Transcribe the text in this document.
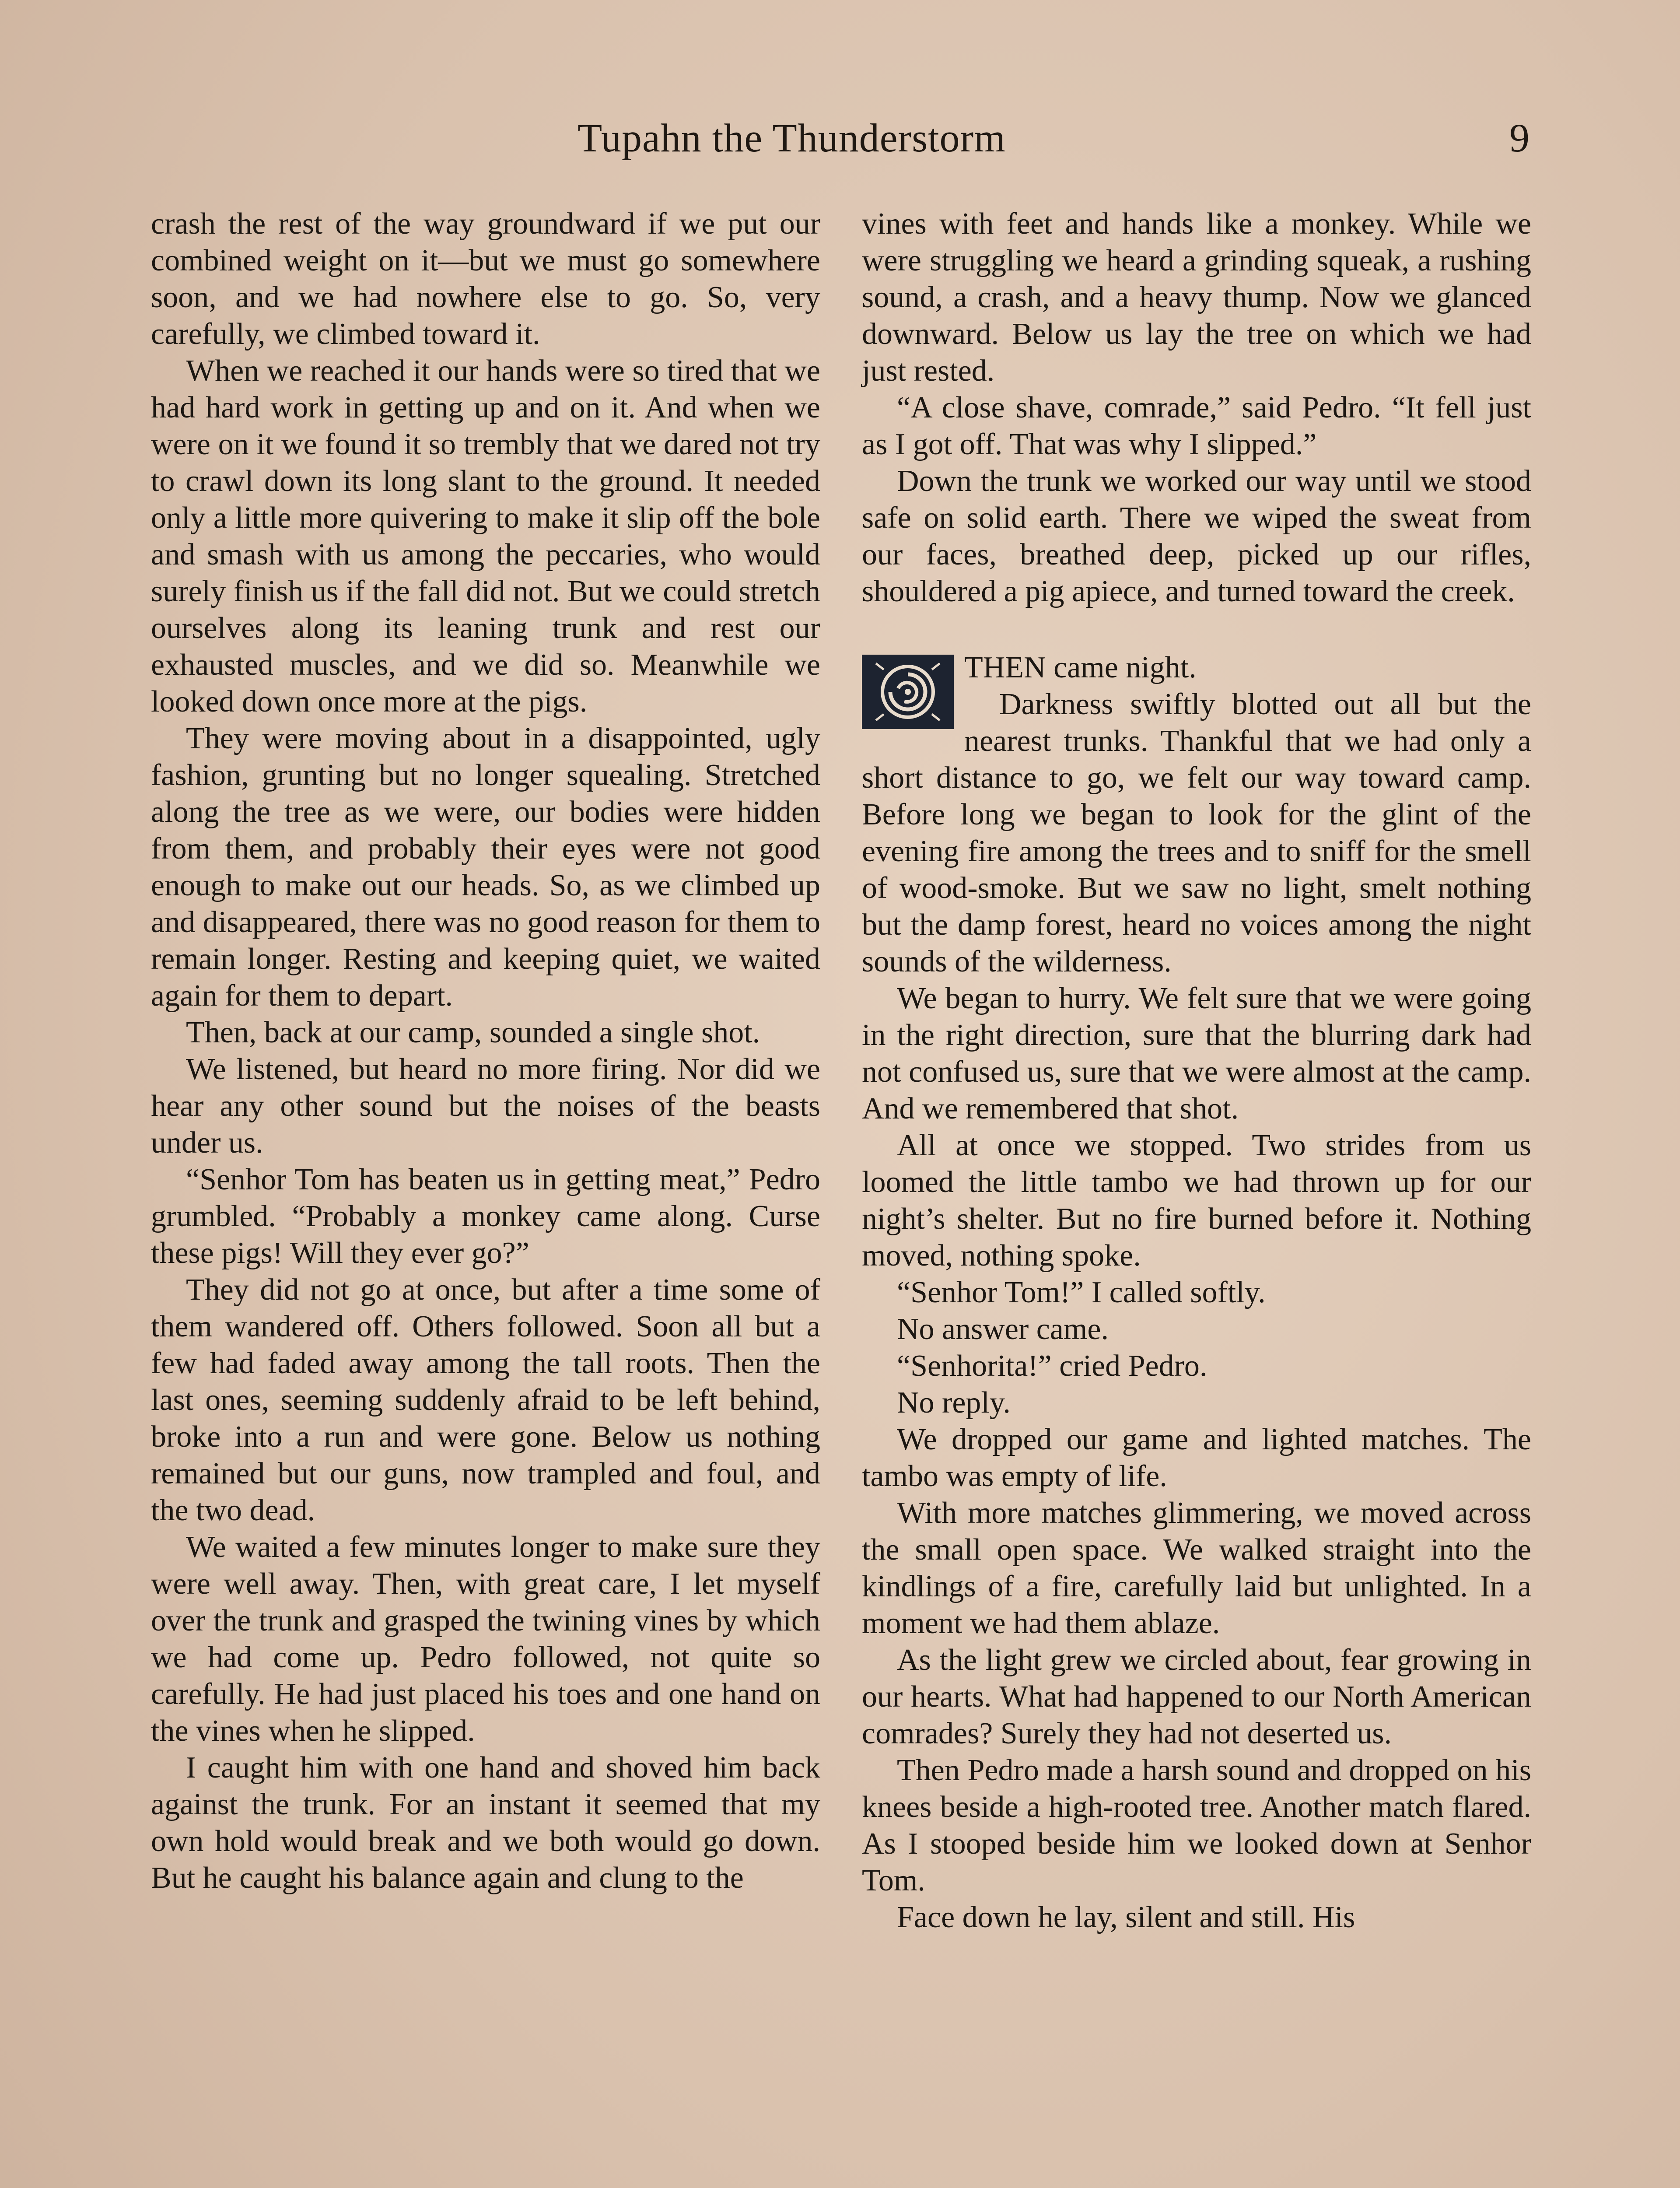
Tupahn the Thunderstorm	9

crash the rest of the way groundward if we put our combined weight on it—but we must go somewhere soon, and we had nowhere else to go. So, very carefully, we climbed toward it.

When we reached it our hands were so tired that we had hard work in getting up and on it. And when we were on it we found it so trembly that we dared not try to crawl down its long slant to the ground. It needed only a little more quivering to make it slip off the bole and smash with us among the peccaries, who would surely finish us if the fall did not. But we could stretch ourselves along its leaning trunk and rest our exhausted muscles, and we did so. Meanwhile we looked down once more at the pigs.

They were moving about in a disappointed, ugly fashion, grunting but no longer squealing. Stretched along the tree as we were, our bodies were hidden from them, and probably their eyes were not good enough to make out our heads. So, as we climbed up and disappeared, there was no good reason for them to remain longer. Resting and keeping quiet, we waited again for them to depart.

Then, back at our camp, sounded a single shot.

We listened, but heard no more firing. Nor did we hear any other sound but the noises of the beasts under us.

“Senhor Tom has beaten us in getting meat,” Pedro grumbled. “Probably a monkey came along. Curse these pigs! Will they ever go?”

They did not go at once, but after a time some of them wandered off. Others followed. Soon all but a few had faded away among the tall roots. Then the last ones, seeming suddenly afraid to be left behind, broke into a run and were gone. Below us nothing remained but our guns, now trampled and foul, and the two dead.

We waited a few minutes longer to make sure they were well away. Then, with great care, I let myself over the trunk and grasped the twining vines by which we had come up. Pedro followed, not quite so carefully. He had just placed his toes and one hand on the vines when he slipped.

I caught him with one hand and shoved him back against the trunk. For an instant it seemed that my own hold would break and we both would go down. But he caught his balance again and clung to the

vines with feet and hands like a monkey. While we were struggling we heard a grinding squeak, a rushing sound, a crash, and a heavy thump. Now we glanced downward. Below us lay the tree on which we had just rested.

“A close shave, comrade,” said Pedro. “It fell just as I got off. That was why I slipped.”

Down the trunk we worked our way until we stood safe on solid earth. There we wiped the sweat from our faces, breathed deep, picked up our rifles, shouldered a pig apiece, and turned toward the creek.

THEN came night.

Darkness swiftly blotted out all but the nearest trunks. Thankful that we had only a short distance to go, we felt our way toward camp. Before long we began to look for the glint of the evening fire among the trees and to sniff for the smell of wood-smoke. But we saw no light, smelt nothing but the damp forest, heard no voices among the night sounds of the wilderness.

We began to hurry. We felt sure that we were going in the right direction, sure that the blurring dark had not confused us, sure that we were almost at the camp. And we remembered that shot.

All at once we stopped. Two strides from us loomed the little tambo we had thrown up for our night’s shelter. But no fire burned before it. Nothing moved, nothing spoke.

“Senhor Tom!” I called softly.

No answer came.

“Senhorita!” cried Pedro.

No reply.

We dropped our game and lighted matches. The tambo was empty of life.

With more matches glimmering, we moved across the small open space. We walked straight into the kindlings of a fire, carefully laid but unlighted. In a moment we had them ablaze.

As the light grew we circled about, fear growing in our hearts. What had happened to our North American comrades? Surely they had not deserted us.

Then Pedro made a harsh sound and dropped on his knees beside a high-rooted tree. Another match flared. As I stooped beside him we looked down at Senhor Tom.

Face down he lay, silent and still. His
